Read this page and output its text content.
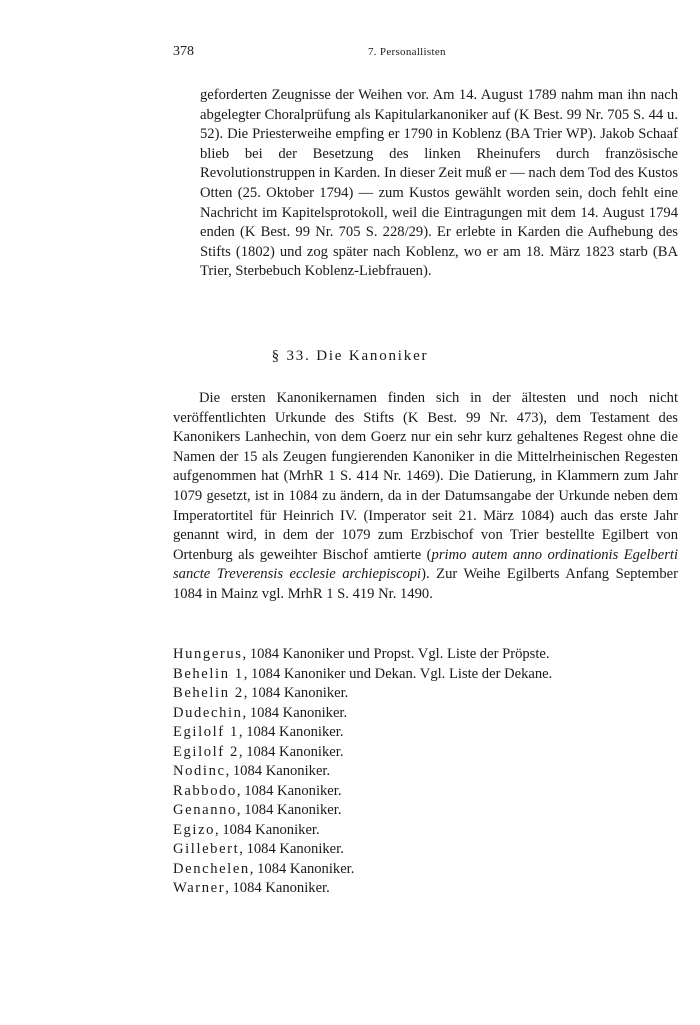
378	7. Personallisten

geforderten Zeugnisse der Weihen vor. Am 14. August 1789 nahm man ihn nach abgelegter Choralprüfung als Kapitularkanoniker auf (K Best. 99 Nr. 705 S. 44 u. 52). Die Priesterweihe empfing er 1790 in Koblenz (BA Trier WP). Jakob Schaaf blieb bei der Besetzung des linken Rheinufers durch französische Revolutionstruppen in Karden. In dieser Zeit muß er — nach dem Tod des Kustos Otten (25. Oktober 1794) — zum Kustos gewählt worden sein, doch fehlt eine Nachricht im Kapitelsprotokoll, weil die Eintragungen mit dem 14. August 1794 enden (K Best. 99 Nr. 705 S. 228/29). Er erlebte in Karden die Aufhebung des Stifts (1802) und zog später nach Koblenz, wo er am 18. März 1823 starb (BA Trier, Sterbebuch Koblenz-Liebfrauen).

§ 33. Die Kanoniker

Die ersten Kanonikernamen finden sich in der ältesten und noch nicht veröffentlichten Urkunde des Stifts (K Best. 99 Nr. 473), dem Testament des Kanonikers Lanhechin, von dem Goerz nur ein sehr kurz gehaltenes Regest ohne die Namen der 15 als Zeugen fungierenden Kanoniker in die Mittelrheinischen Regesten aufgenommen hat (MrhR 1 S. 414 Nr. 1469). Die Datierung, in Klammern zum Jahr 1079 gesetzt, ist in 1084 zu ändern, da in der Datumsangabe der Urkunde neben dem Imperatortitel für Heinrich IV. (Imperator seit 21. März 1084) auch das erste Jahr genannt wird, in dem der 1079 zum Erzbischof von Trier bestellte Egilbert von Ortenburg als geweihter Bischof amtierte (primo autem anno ordinationis Egelberti sancte Treverensis ecclesie archiepiscopi). Zur Weihe Egilberts Anfang September 1084 in Mainz vgl. MrhR 1 S. 419 Nr. 1490.

Hungerus, 1084 Kanoniker und Propst. Vgl. Liste der Pröpste.
Behelin 1, 1084 Kanoniker und Dekan. Vgl. Liste der Dekane.
Behelin 2, 1084 Kanoniker.
Dudechin, 1084 Kanoniker.
Egilolf 1, 1084 Kanoniker.
Egilolf 2, 1084 Kanoniker.
Nodinc, 1084 Kanoniker.
Rabbodo, 1084 Kanoniker.
Genanno, 1084 Kanoniker.
Egizo, 1084 Kanoniker.
Gillebert, 1084 Kanoniker.
Denchelen, 1084 Kanoniker.
Warner, 1084 Kanoniker.
